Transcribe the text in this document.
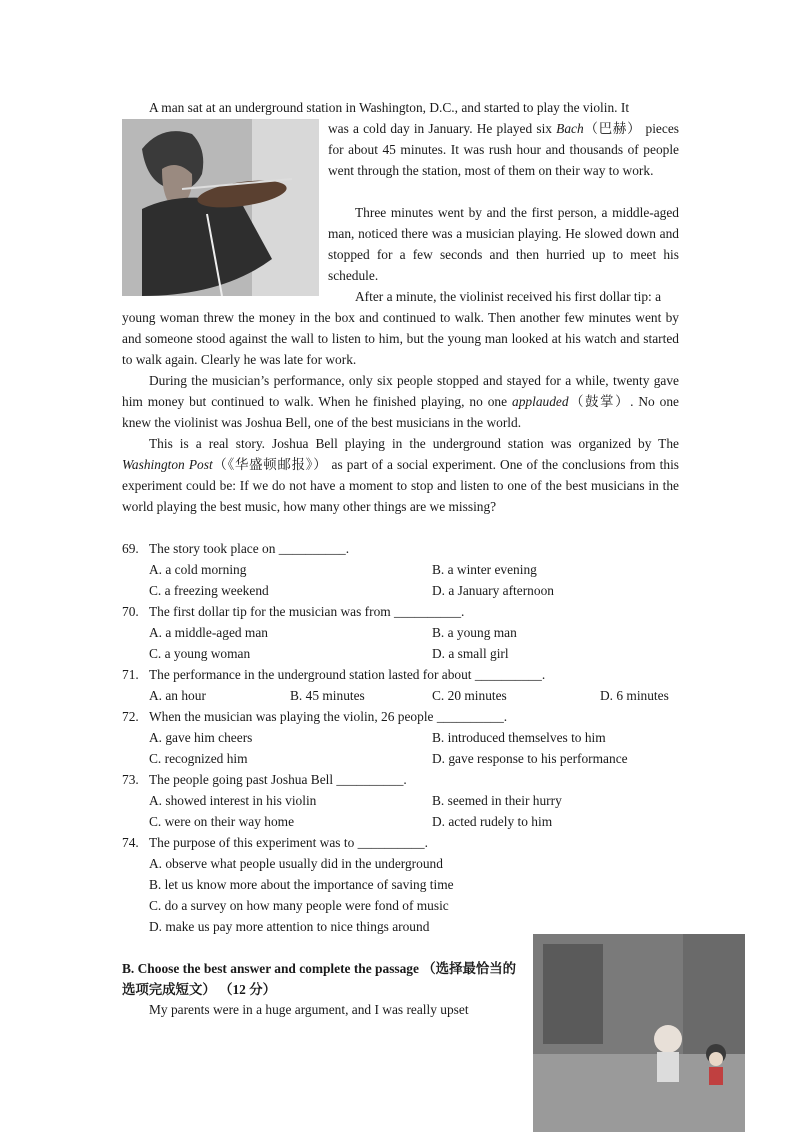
A man sat at an underground station in Washington, D.C., and started to play the violin. It

was a cold day in January. He played six Bach（巴赫） pieces for about 45 minutes. It was rush hour and thousands of people went through the station, most of them on their way to work.

Three minutes went by and the first person, a middle-aged man, noticed there was a musician playing. He slowed down and stopped for a few seconds and then hurried up to meet his schedule.

After a minute, the violinist received his first dollar tip: a

young woman threw the money in the box and continued to walk. Then another few minutes went by and someone stood against the wall to listen to him, but the young man looked at his watch and started to walk again. Clearly he was late for work.

During the musician’s performance, only six people stopped and stayed for a while, twenty gave him money but continued to walk. When he finished playing, no one applauded（鼓掌）. No one knew the violinist was Joshua Bell, one of the best musicians in the world.

This is a real story. Joshua Bell playing in the underground station was organized by The Washington Post（《华盛顿邮报》） as part of a social experiment. One of the conclusions from this experiment could be: If we do not have a moment to stop and listen to one of the best musicians in the world playing the best music, how many other things are we missing?

69. The story took place on __________.
A. a cold morning	B. a winter evening
C. a freezing weekend	D. a January afternoon
70. The first dollar tip for the musician was from __________.
A. a middle-aged man	B. a young man
C. a young woman	D. a small girl
71. The performance in the underground station lasted for about __________.
A. an hour	B. 45 minutes	C. 20 minutes	D. 6 minutes
72. When the musician was playing the violin, 26 people __________.
A. gave him cheers	B. introduced themselves to him
C. recognized him	D. gave response to his performance
73. The people going past Joshua Bell __________.
A. showed interest in his violin	B. seemed in their hurry
C. were on their way home	D. acted rudely to him
74. The purpose of this experiment was to __________.
A. observe what people usually did in the underground
B. let us know more about the importance of saving time
C. do a survey on how many people were fond of music
D. make us pay more attention to nice things around

B. Choose the best answer and complete the passage （选择最恰当的选项完成短文） （12 分）

My parents were in a huge argument, and I was really upset
